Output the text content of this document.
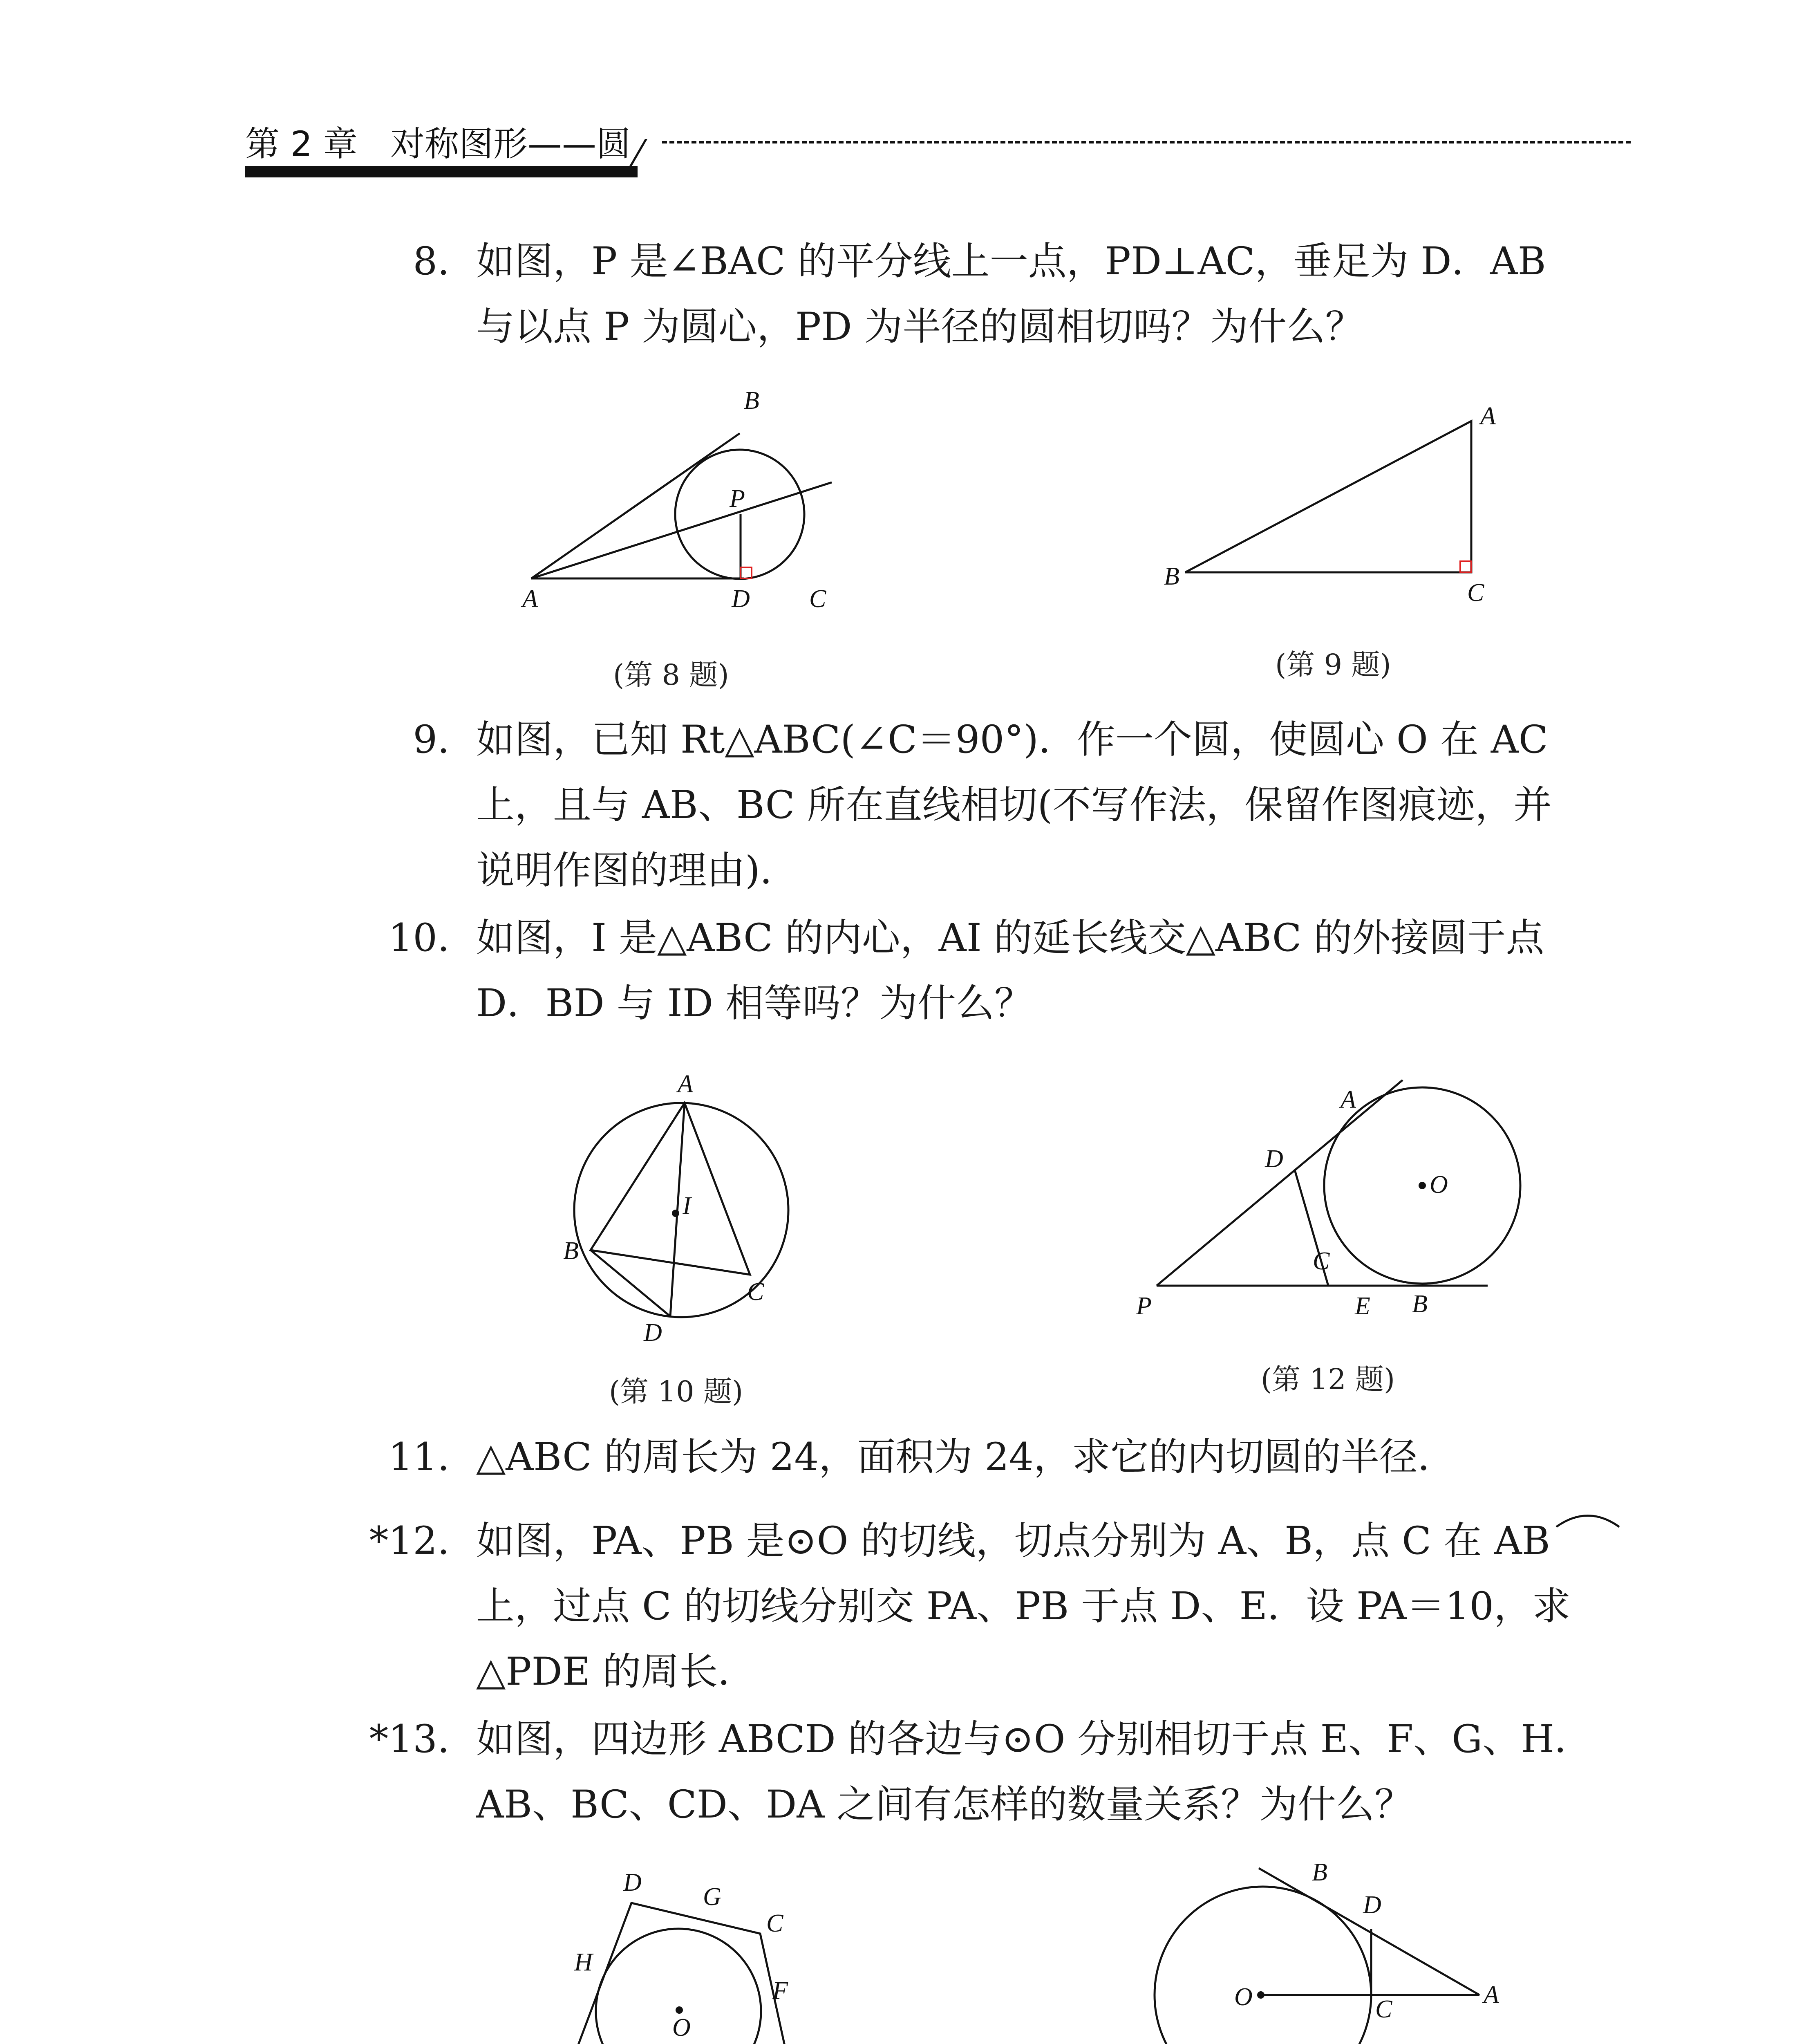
第 2 章 对称图形——圆
8. 如图，P 是∠BAC 的平分线上一点，PD⊥AC，垂足为 D．AB
与以点 P 为圆心，PD 为半径的圆相切吗？为什么？
B
P
A	D C
(第 8 题)
A
B
C
(第 9 题)
9. 如图，已知 Rt△ABC(∠C＝90°)．作一个圆，使圆心 O 在 AC
上，且与 AB、BC 所在直线相切(不写作法，保留作图痕迹，并
说明作图的理由)．
10. 如图，I 是△ABC 的内心，AI 的延长线交△ABC 的外接圆于点
D．BD 与 ID 相等吗？为什么？
A
I
B
D
C
(第 10 题)
A
D
O
C
P	E B
(第 12 题)
11. △ABC 的周长为 24，面积为 24，求它的内切圆的半径．
*12. 如图，PA、PB 是⊙O 的切线，切点分别为 A、B，点 C 在 AB
上，过点 C 的切线分别交 PA、PB 于点 D、E．设 PA＝10，求
△PDE 的周长．
*13. 如图，四边形 ABCD 的各边与⊙O 分别相切于点 E、F、G、H．
AB、BC、CD、DA 之间有怎样的数量关系？为什么？
D
G
C
H
F
O
B
D
O	C
A
